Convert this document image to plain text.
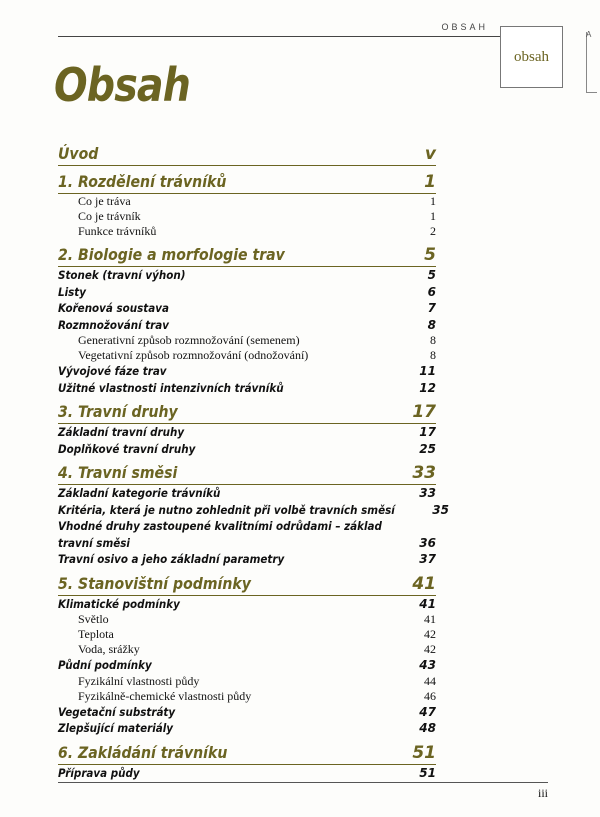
OBSAH
obsah
A
Obsah
Úvod	v
1. Rozdělení trávníků	1
Co je tráva	1
Co je trávník	1
Funkce trávníků	2
2. Biologie a morfologie trav	5
Stonek (travní výhon)	5
Listy	6
Kořenová soustava	7
Rozmnožování trav	8
Generativní způsob rozmnožování (semenem)	8
Vegetativní způsob rozmnožování (odnožování)	8
Vývojové fáze trav	11
Užitné vlastnosti intenzivních trávníků	12
3. Travní druhy	17
Základní travní druhy	17
Doplňkové travní druhy	25
4. Travní směsi	33
Základní kategorie trávníků	33
Kritéria, která je nutno zohlednit při volbě travních směsí	35
Vhodné druhy zastoupené kvalitními odrůdami – základ
travní směsi	36
Travní osivo a jeho základní parametry	37
5. Stanovištní podmínky	41
Klimatické podmínky	41
Světlo	41
Teplota	42
Voda, srážky	42
Půdní podmínky	43
Fyzikální vlastnosti půdy	44
Fyzikálně-chemické vlastnosti půdy	46
Vegetační substráty	47
Zlepšující materiály	48
6. Zakládání trávníku	51
Příprava půdy	51
iii
